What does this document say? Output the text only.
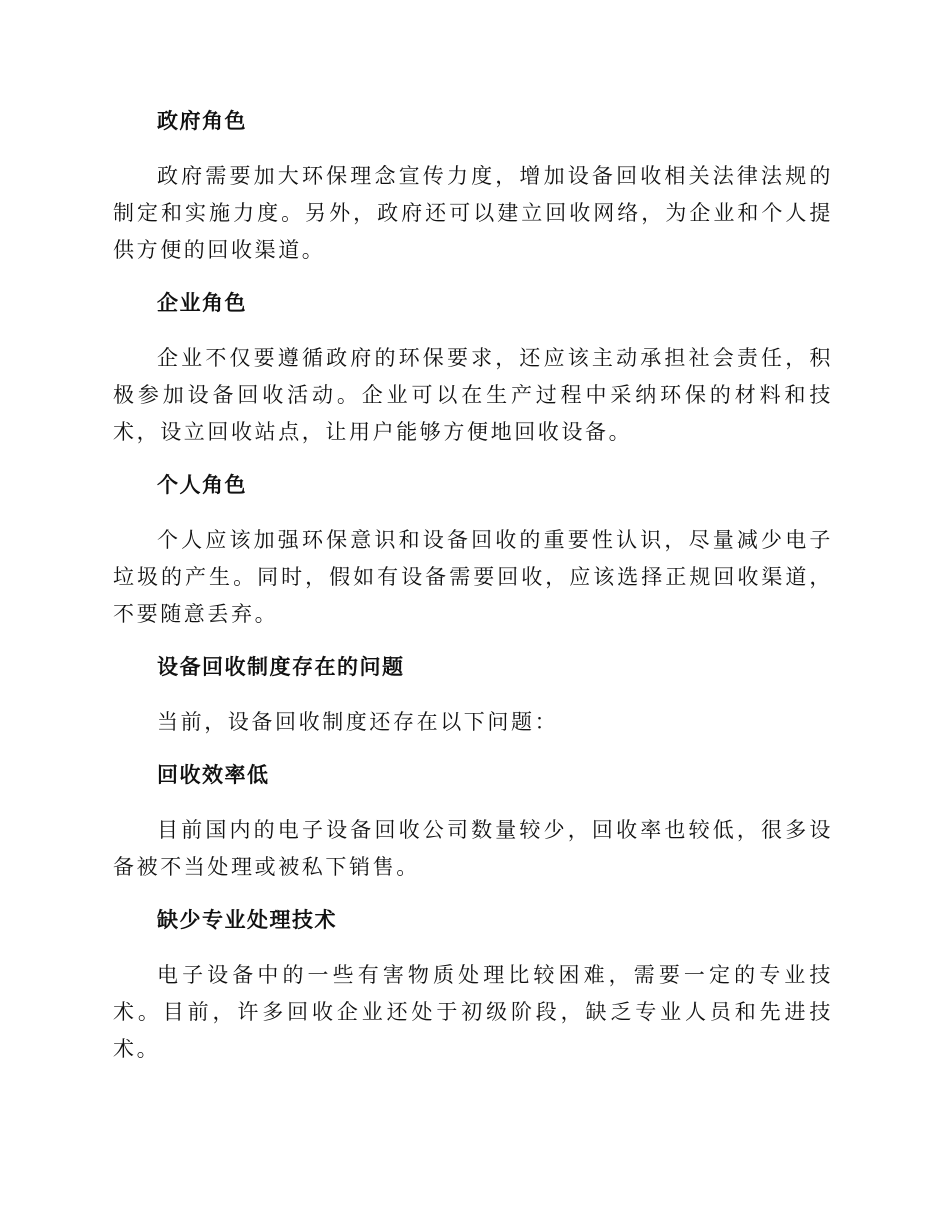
政府角色

政府需要加大环保理念宣传力度，增加设备回收相关法律法规的制定和实施力度。另外，政府还可以建立回收网络，为企业和个人提供方便的回收渠道。

企业角色

企业不仅要遵循政府的环保要求，还应该主动承担社会责任，积极参加设备回收活动。企业可以在生产过程中采纳环保的材料和技术，设立回收站点，让用户能够方便地回收设备。

个人角色

个人应该加强环保意识和设备回收的重要性认识，尽量减少电子垃圾的产生。同时，假如有设备需要回收，应该选择正规回收渠道，不要随意丢弃。

设备回收制度存在的问题

当前，设备回收制度还存在以下问题：

回收效率低

目前国内的电子设备回收公司数量较少，回收率也较低，很多设备被不当处理或被私下销售。

缺少专业处理技术

电子设备中的一些有害物质处理比较困难，需要一定的专业技术。目前，许多回收企业还处于初级阶段，缺乏专业人员和先进技术。
